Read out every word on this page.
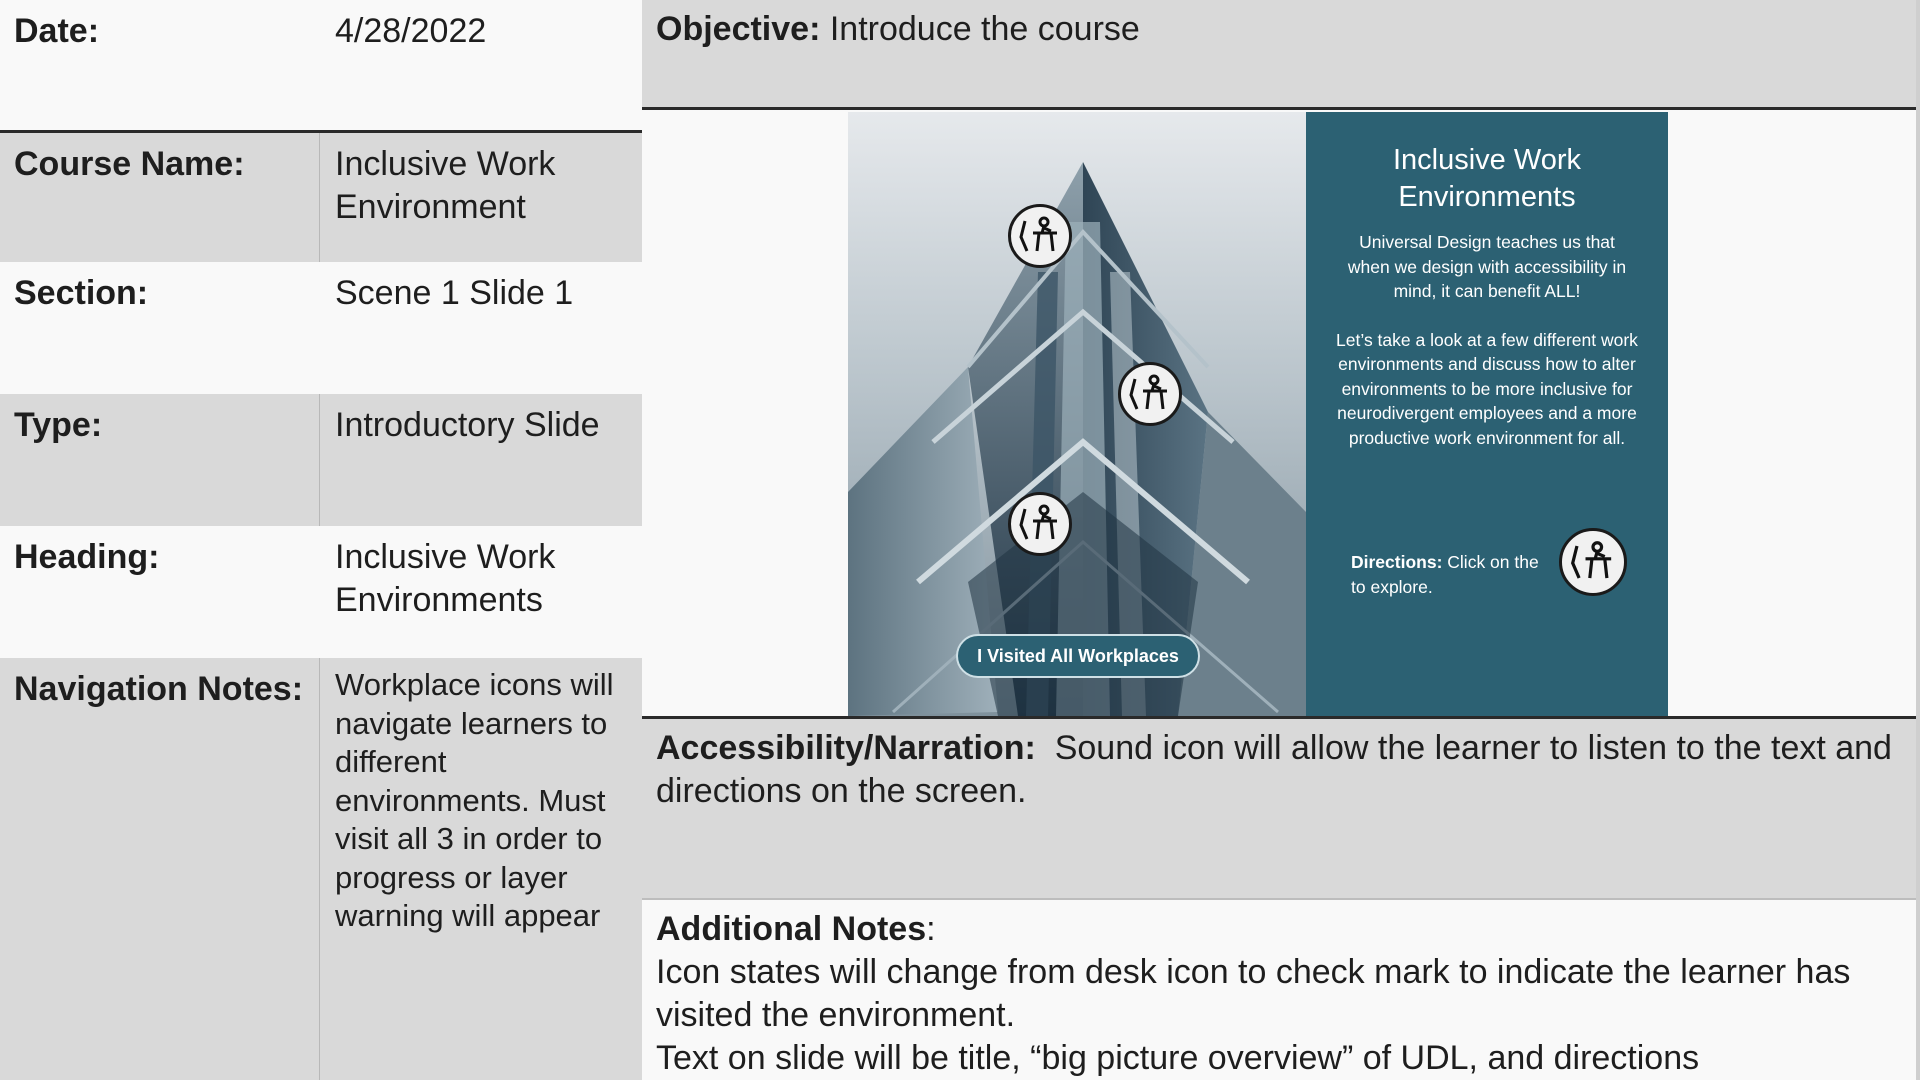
Date:	4/28/2022
Course Name:	Inclusive Work Environment
Section:	Scene 1 Slide 1
Type:	Introductory Slide
Heading:	Inclusive Work Environments
Navigation Notes:	Workplace icons will navigate learners to different environments. Must visit all 3 in order to progress or layer warning will appear
Objective: Introduce the course
I Visited All Workplaces
Inclusive Work Environments

Universal Design teaches us that when we design with accessibility in mind, it can benefit ALL!

Let’s take a look at a few different work environments and discuss how to alter environments to be more inclusive for neurodivergent employees and a more productive work environment for all.

Directions: Click on the to explore.
Accessibility/Narration: Sound icon will allow the learner to listen to the text and directions on the screen.
Additional Notes:
Icon states will change from desk icon to check mark to indicate the learner has visited the environment.
Text on slide will be title, “big picture overview” of UDL, and directions
